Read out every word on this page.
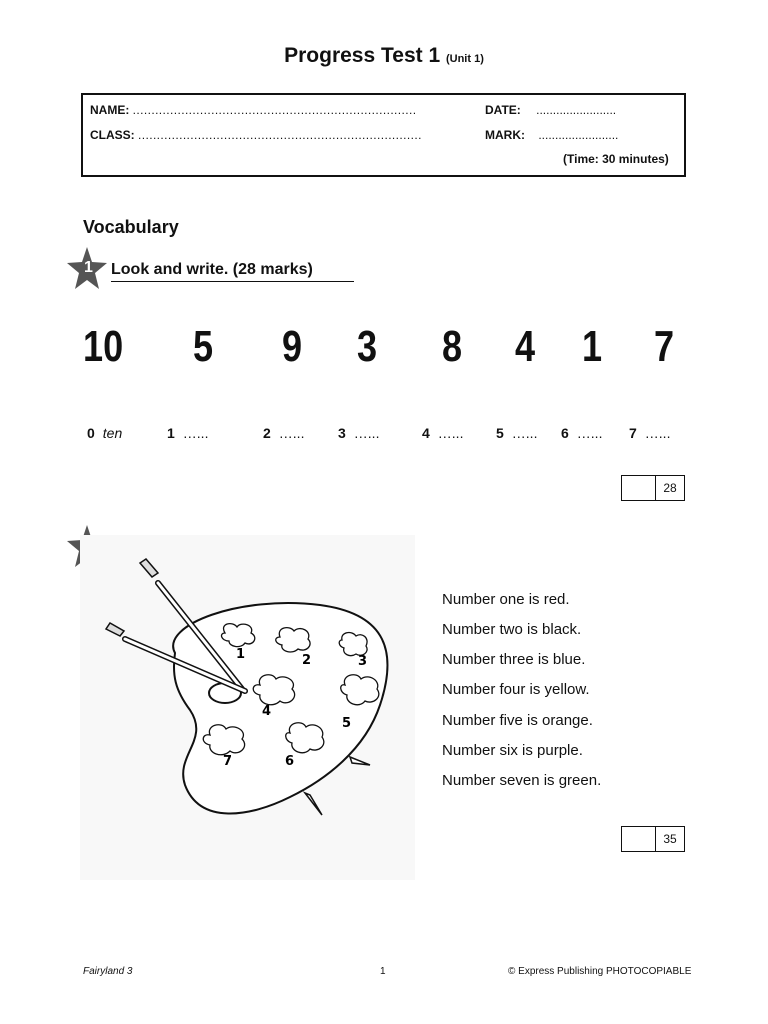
Progress Test 1 (Unit 1)
NAME: ............................................................................	DATE: ........................
CLASS: ............................................................................	MARK: ........................
(Time: 30 minutes)
Vocabulary
1 Look and write. (28 marks)
10 5 9 3 8 4 1 7
0 ten	1 …...	2 …... 3 …...	4 …... 5 …... 6 …... 7 …...
28
1	2	3
4
5
6
7
Number one is red.
Number two is black.
Number three is blue.
Number four is yellow.
Number five is orange.
Number six is purple.
Number seven is green.
35
Fairyland 3	1	© Express Publishing PHOTOCOPIABLE
